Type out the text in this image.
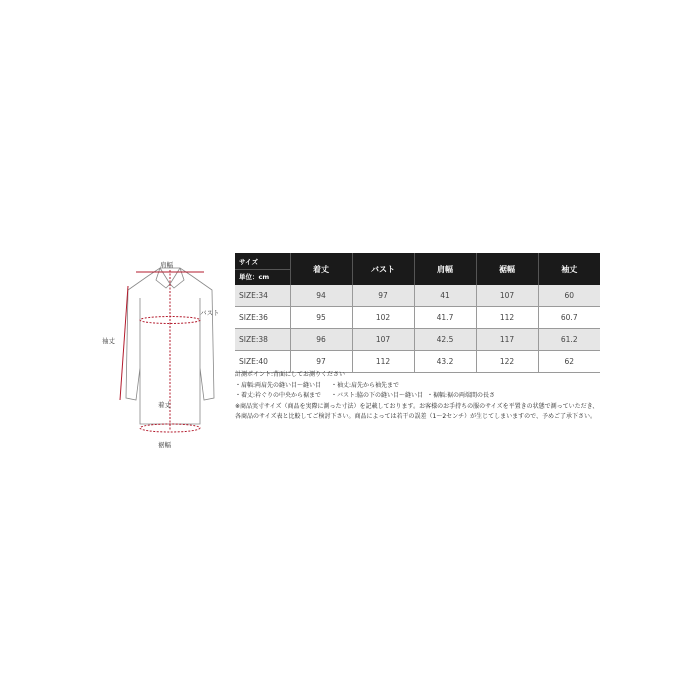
肩幅
袖丈
バスト
着丈
裾幅
サイズ
単位：cm	着丈	バスト	肩幅	裾幅	袖丈
SIZE:34	94	97	41	107	60
SIZE:36	95	102	41.7	112	60.7
SIZE:38	96	107	42.5	117	61.2
SIZE:40	97	112	43.2	122	62
計測ポイント:背面にしてお測りください
・肩幅:両肩先の縫い目～縫い目	・袖丈:肩先から袖先まで
・着丈:衿ぐりの中央から裾まで	・バスト:脇の下の縫い目～縫い目 ・裾幅:裾の両端間の長さ
※商品実寸サイズ（商品を実際に測った寸法）を記載しております。お客様のお手持ちの服のサイズを平置きの状態で測っていただき、
各商品のサイズ表と比較してご検討下さい。商品によっては若干の誤差（1～2センチ）が生じてしまいますので、予めご了承下さい。
